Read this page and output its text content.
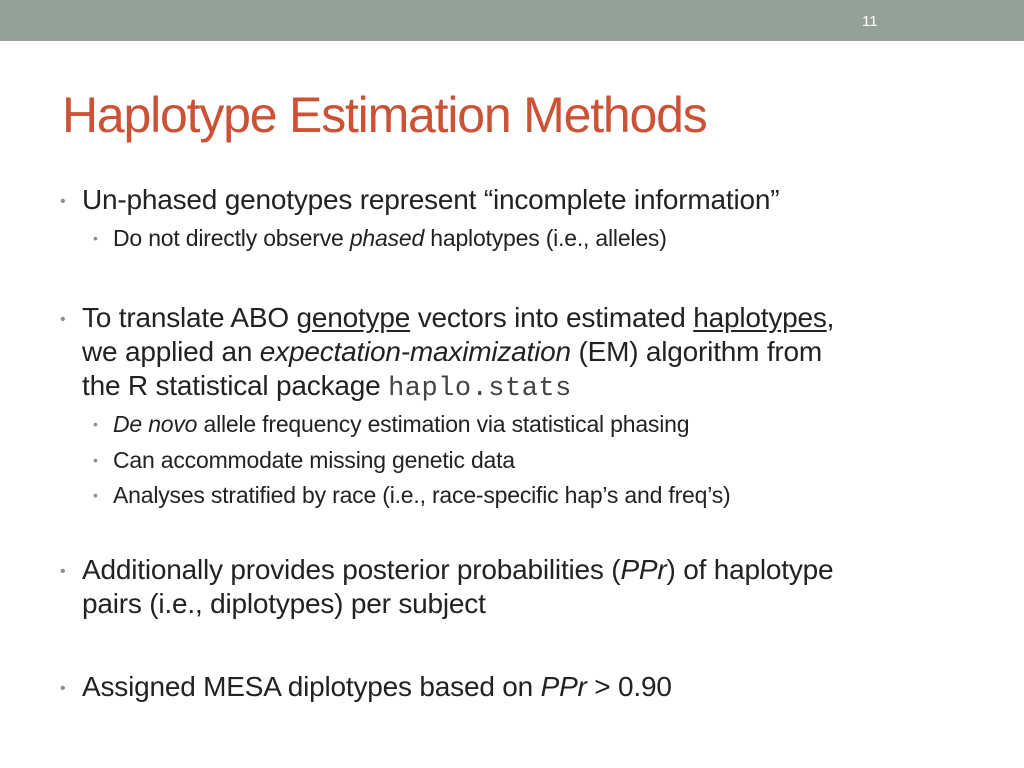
11
Haplotype Estimation Methods
• Un-phased genotypes represent “incomplete information”
• Do not directly observe phased haplotypes (i.e., alleles)
• To translate ABO genotype vectors into estimated haplotypes,
we applied an expectation-maximization (EM) algorithm from
the R statistical package haplo.stats
• De novo allele frequency estimation via statistical phasing
• Can accommodate missing genetic data
• Analyses stratified by race (i.e., race-specific hap’s and freq’s)
• Additionally provides posterior probabilities (PPr) of haplotype
pairs (i.e., diplotypes) per subject
• Assigned MESA diplotypes based on PPr > 0.90
